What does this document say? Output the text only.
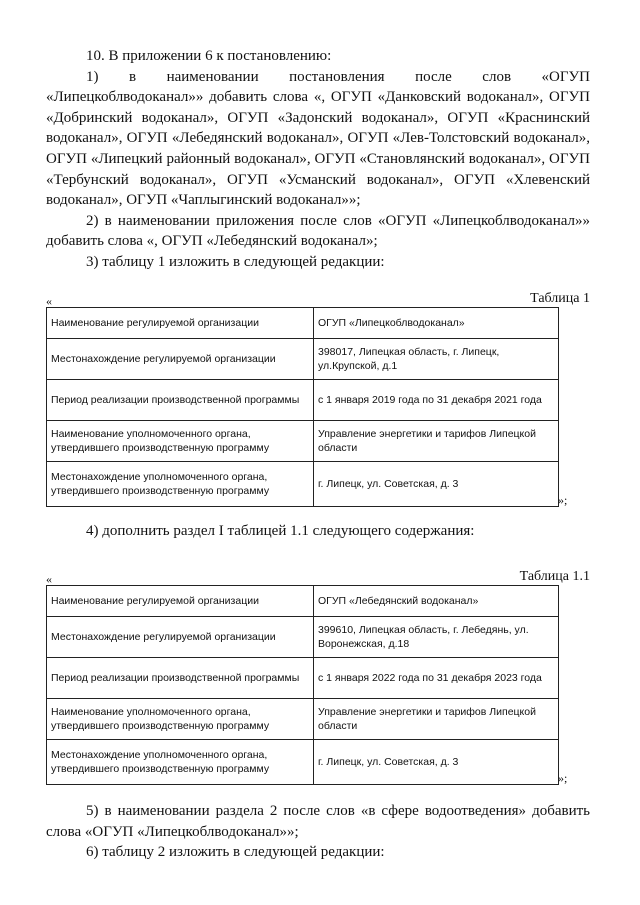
10. В приложении 6 к постановлению:

1) в наименовании постановления после слов «ОГУП «Липецкоблводоканал»» добавить слова «, ОГУП «Данковский водоканал», ОГУП «Добринский водоканал», ОГУП «Задонский водоканал», ОГУП «Краснинский водоканал», ОГУП «Лебедянский водоканал», ОГУП «Лев-Толстовский водоканал», ОГУП «Липецкий районный водоканал», ОГУП «Становлянский водоканал», ОГУП «Тербунский водоканал», ОГУП «Усманский водоканал», ОГУП «Хлевенский водоканал», ОГУП «Чаплыгинский водоканал»»;

2) в наименовании приложения после слов «ОГУП «Липецкоблводоканал»» добавить слова «, ОГУП «Лебедянский водоканал»;

3) таблицу 1 изложить в следующей редакции:

«	Таблица 1
Наименование регулируемой организации	ОГУП «Липецкоблводоканал»
Местонахождение регулируемой организации	398017, Липецкая область, г. Липецк, ул.Крупской, д.1
Период реализации производственной программы	с 1 января 2019 года по 31 декабря 2021 года
Наименование уполномоченного органа, утвердившего производственную программу	Управление энергетики и тарифов Липецкой области
Местонахождение уполномоченного органа, утвердившего производственную программу	г. Липецк, ул. Советская, д. 3
»;

4) дополнить раздел I таблицей 1.1 следующего содержания:

«	Таблица 1.1
Наименование регулируемой организации	ОГУП «Лебедянский водоканал»
Местонахождение регулируемой организации	399610, Липецкая область, г. Лебедянь, ул. Воронежская, д.18
Период реализации производственной программы	с 1 января 2022 года по 31 декабря 2023 года
Наименование уполномоченного органа, утвердившего производственную программу	Управление энергетики и тарифов Липецкой области
Местонахождение уполномоченного органа, утвердившего производственную программу	г. Липецк, ул. Советская, д. 3
»;

5) в наименовании раздела 2 после слов «в сфере водоотведения» добавить слова «ОГУП «Липецкоблводоканал»»;

6) таблицу 2 изложить в следующей редакции:
